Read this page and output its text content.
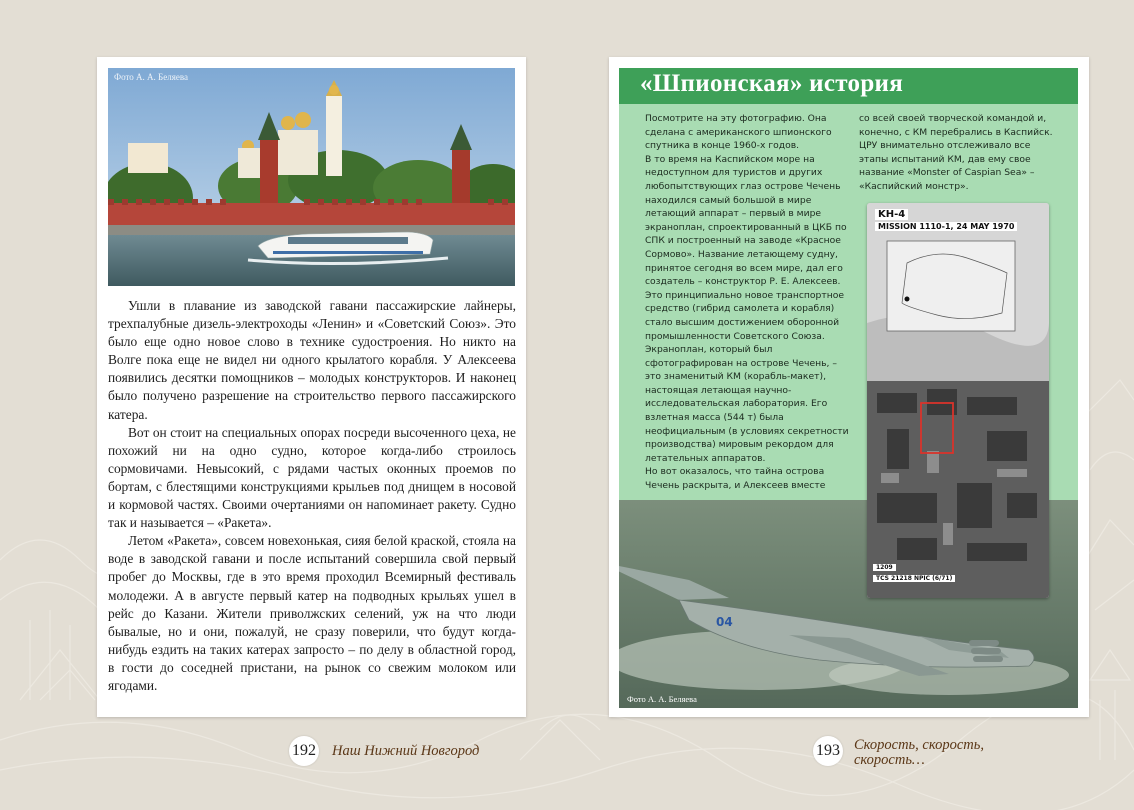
Фото А. А. Беляева

Ушли в плавание из заводской гавани пассажирские лайнеры, трехпалубные дизель-электроходы «Ленин» и «Советский Союз». Это было еще одно новое слово в технике судостроения. Но никто на Волге пока еще не видел ни одного крылатого корабля. У Алексеева появились десятки помощников – молодых конструкторов. И наконец было получено разрешение на строительство первого пассажирского катера.

Вот он стоит на специальных опорах посреди высоченного цеха, не похожий ни на одно судно, которое когда-либо строилось сормовичами. Невысокий, с рядами частых оконных проемов по бортам, с блестящими конструкциями крыльев под днищем в носовой и кормовой частях. Своими очертаниями он напоминает ракету. Судно так и называется – «Ракета».

Летом «Ракета», совсем новехонькая, сияя белой краской, стояла на воде в заводской гавани и после испытаний совершила свой первый пробег до Москвы, где в это время проходил Всемирный фестиваль молодежи. А в августе первый катер на подводных крыльях ушел в рейс до Казани. Жители приволжских селений, уж на что люди бывалые, но и они, пожалуй, не сразу поверили, что будут когда-нибудь ездить на таких катерах запросто – по делу в областной город, в гости до соседней пристани, на рынок со свежим молоком или ягодами.

«Шпионская» история

Посмотрите на эту фотографию. Она сделана с американского шпионского спутника в конце 1960-х годов.

В то время на Каспийском море на недоступном для туристов и других любопытствующих глаз острове Чечень находился самый большой в мире летающий аппарат – первый в мире экраноплан, спроектированный в ЦКБ по СПК и построенный на заводе «Красное Сормово». Название летающему судну, принятое сегодня во всем мире, дал его создатель – конструктор Р. Е. Алексеев. Это принципиально новое транспортное средство (гибрид самолета и корабля) стало высшим достижением оборонной промышленности Советского Союза.

Экраноплан, который был сфотографирован на острове Чечень, – это знаменитый КМ (корабль-макет), настоящая летающая научно-исследовательская лаборатория. Его взлетная масса (544 т) была неофициальным (в условиях секретности производства) мировым рекордом для летательных аппаратов.

Но вот оказалось, что тайна острова Чечень раскрыта, и Алексеев вместе

со всей своей творческой командой и, конечно, с КМ перебрались в Каспийск. ЦРУ внимательно отслеживало все этапы испытаний КМ, дав ему свое название «Monster of Caspian Sea» – «Каспийский монстр».

04
Фото А. А. Беляева
KH-4
MISSION 1110-1, 24 MAY 1970
1209
TCS 21218 NPIC (6/71)
192 Наш Нижний Новгород	193 Скорость, скорость,
скорость…
